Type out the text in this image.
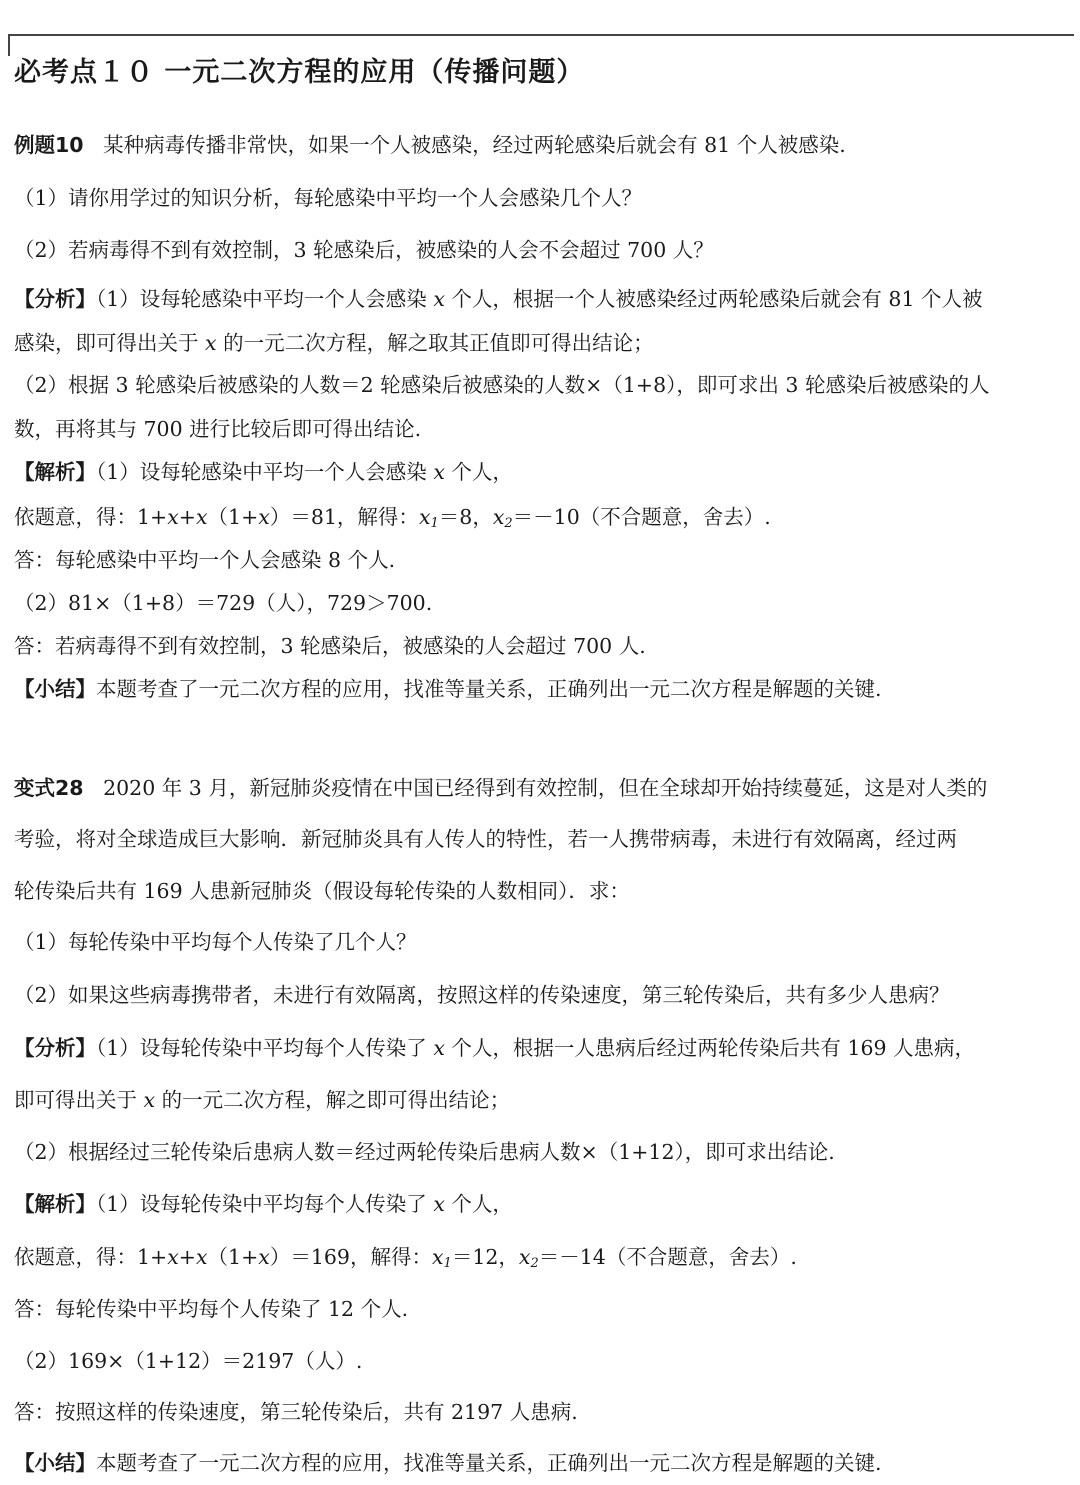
必考点１０ 一元二次方程的应用（传播问题）
例题10 某种病毒传播非常快，如果一个人被感染，经过两轮感染后就会有 81 个人被感染.
（1）请你用学过的知识分析，每轮感染中平均一个人会感染几个人？
（2）若病毒得不到有效控制，3 轮感染后，被感染的人会不会超过 700 人？
【分析】（1）设每轮感染中平均一个人会感染 x 个人，根据一个人被感染经过两轮感染后就会有 81 个人被
感染，即可得出关于 x 的一元二次方程，解之取其正值即可得出结论；
（2）根据 3 轮感染后被感染的人数＝2 轮感染后被感染的人数×（1+8），即可求出 3 轮感染后被感染的人
数，再将其与 700 进行比较后即可得出结论.
【解析】（1）设每轮感染中平均一个人会感染 x 个人，
依题意，得：1+x+x（1+x）＝81，解得：$x_1=8$，$x_2=-10$（不合题意，舍去）.
答：每轮感染中平均一个人会感染 8 个人.
（2）81×（1+8）＝729（人），729＞700.
答：若病毒得不到有效控制，3 轮感染后，被感染的人会超过 700 人.
【小结】本题考查了一元二次方程的应用，找准等量关系，正确列出一元二次方程是解题的关键.
变式28 2020 年 3 月，新冠肺炎疫情在中国已经得到有效控制，但在全球却开始持续蔓延，这是对人类的
考验，将对全球造成巨大影响．新冠肺炎具有人传人的特性，若一人携带病毒，未进行有效隔离，经过两
轮传染后共有 169 人患新冠肺炎（假设每轮传染的人数相同）．求：
（1）每轮传染中平均每个人传染了几个人？
（2）如果这些病毒携带者，未进行有效隔离，按照这样的传染速度，第三轮传染后，共有多少人患病？
【分析】（1）设每轮传染中平均每个人传染了 x 个人，根据一人患病后经过两轮传染后共有 169 人患病，
即可得出关于 x 的一元二次方程，解之即可得出结论；
（2）根据经过三轮传染后患病人数＝经过两轮传染后患病人数×（1+12），即可求出结论.
【解析】（1）设每轮传染中平均每个人传染了 x 个人，
依题意，得：1+x+x（1+x）＝169，解得：$x_1=12$，$x_2=-14$（不合题意，舍去）.
答：每轮传染中平均每个人传染了 12 个人.
（2）169×（1+12）＝2197（人）.
答：按照这样的传染速度，第三轮传染后，共有 2197 人患病.
【小结】本题考查了一元二次方程的应用，找准等量关系，正确列出一元二次方程是解题的关键.
